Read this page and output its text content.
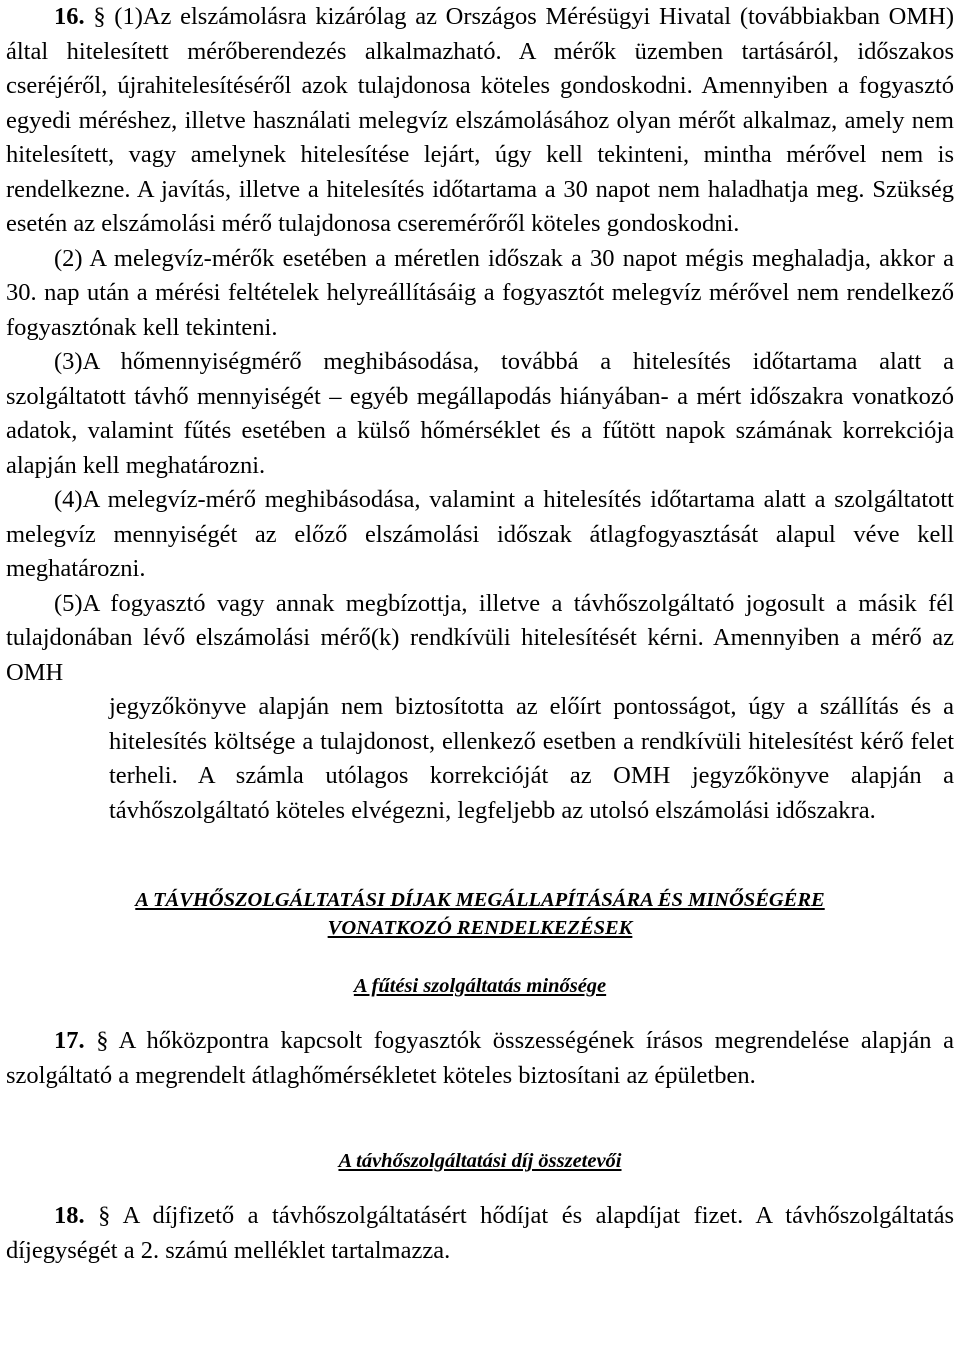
16. § (1)Az elszámolásra kizárólag az Országos Mérésügyi Hivatal (továbbiakban OMH) által hitelesített mérőberendezés alkalmazható. A mérők üzemben tartásáról, időszakos cseréjéről, újrahitelesítéséről azok tulajdonosa köteles gondoskodni. Amennyiben a fogyasztó egyedi méréshez, illetve használati melegvíz elszámolásához olyan mérőt alkalmaz, amely nem hitelesített, vagy amelynek hitelesítése lejárt, úgy kell tekinteni, mintha mérővel nem is rendelkezne. A javítás, illetve a hitelesítés időtartama a 30 napot nem haladhatja meg. Szükség esetén az elszámolási mérő tulajdonosa cseremérőről köteles gondoskodni.

(2) A melegvíz-mérők esetében a méretlen időszak a 30 napot mégis meghaladja, akkor a 30. nap után a mérési feltételek helyreállításáig a fogyasztót melegvíz mérővel nem rendelkező fogyasztónak kell tekinteni.

(3)A hőmennyiségmérő meghibásodása, továbbá a hitelesítés időtartama alatt a szolgáltatott távhő mennyiségét – egyéb megállapodás hiányában- a mért időszakra vonatkozó adatok, valamint fűtés esetében a külső hőmérséklet és a fűtött napok számának korrekciója alapján kell meghatározni.

(4)A melegvíz-mérő meghibásodása, valamint a hitelesítés időtartama alatt a szolgáltatott melegvíz mennyiségét az előző elszámolási időszak átlagfogyasztását alapul véve kell meghatározni.

(5)A fogyasztó vagy annak megbízottja, illetve a távhőszolgáltató jogosult a másik fél tulajdonában lévő elszámolási mérő(k) rendkívüli hitelesítését kérni. Amennyiben a mérő az OMH

jegyzőkönyve alapján nem biztosította az előírt pontosságot, úgy a szállítás és a hitelesítés költsége a tulajdonost, ellenkező esetben a rendkívüli hitelesítést kérő felet terheli. A számla utólagos korrekcióját az OMH jegyzőkönyve alapján a távhőszolgáltató köteles elvégezni, legfeljebb az utolsó elszámolási időszakra.

A TÁVHŐSZOLGÁLTATÁSI DÍJAK MEGÁLLAPÍTÁSÁRA ÉS MINŐSÉGÉRE
VONATKOZÓ RENDELKEZÉSEK
A fűtési szolgáltatás minősége

17. § A hőközpontra kapcsolt fogyasztók összességének írásos megrendelése alapján a szolgáltató a megrendelt átlaghőmérsékletet köteles biztosítani az épületben.

A távhőszolgáltatási díj összetevői

18. § A díjfizető a távhőszolgáltatásért hődíjat és alapdíjat fizet. A távhőszolgáltatás díjegységét a 2. számú melléklet tartalmazza.
